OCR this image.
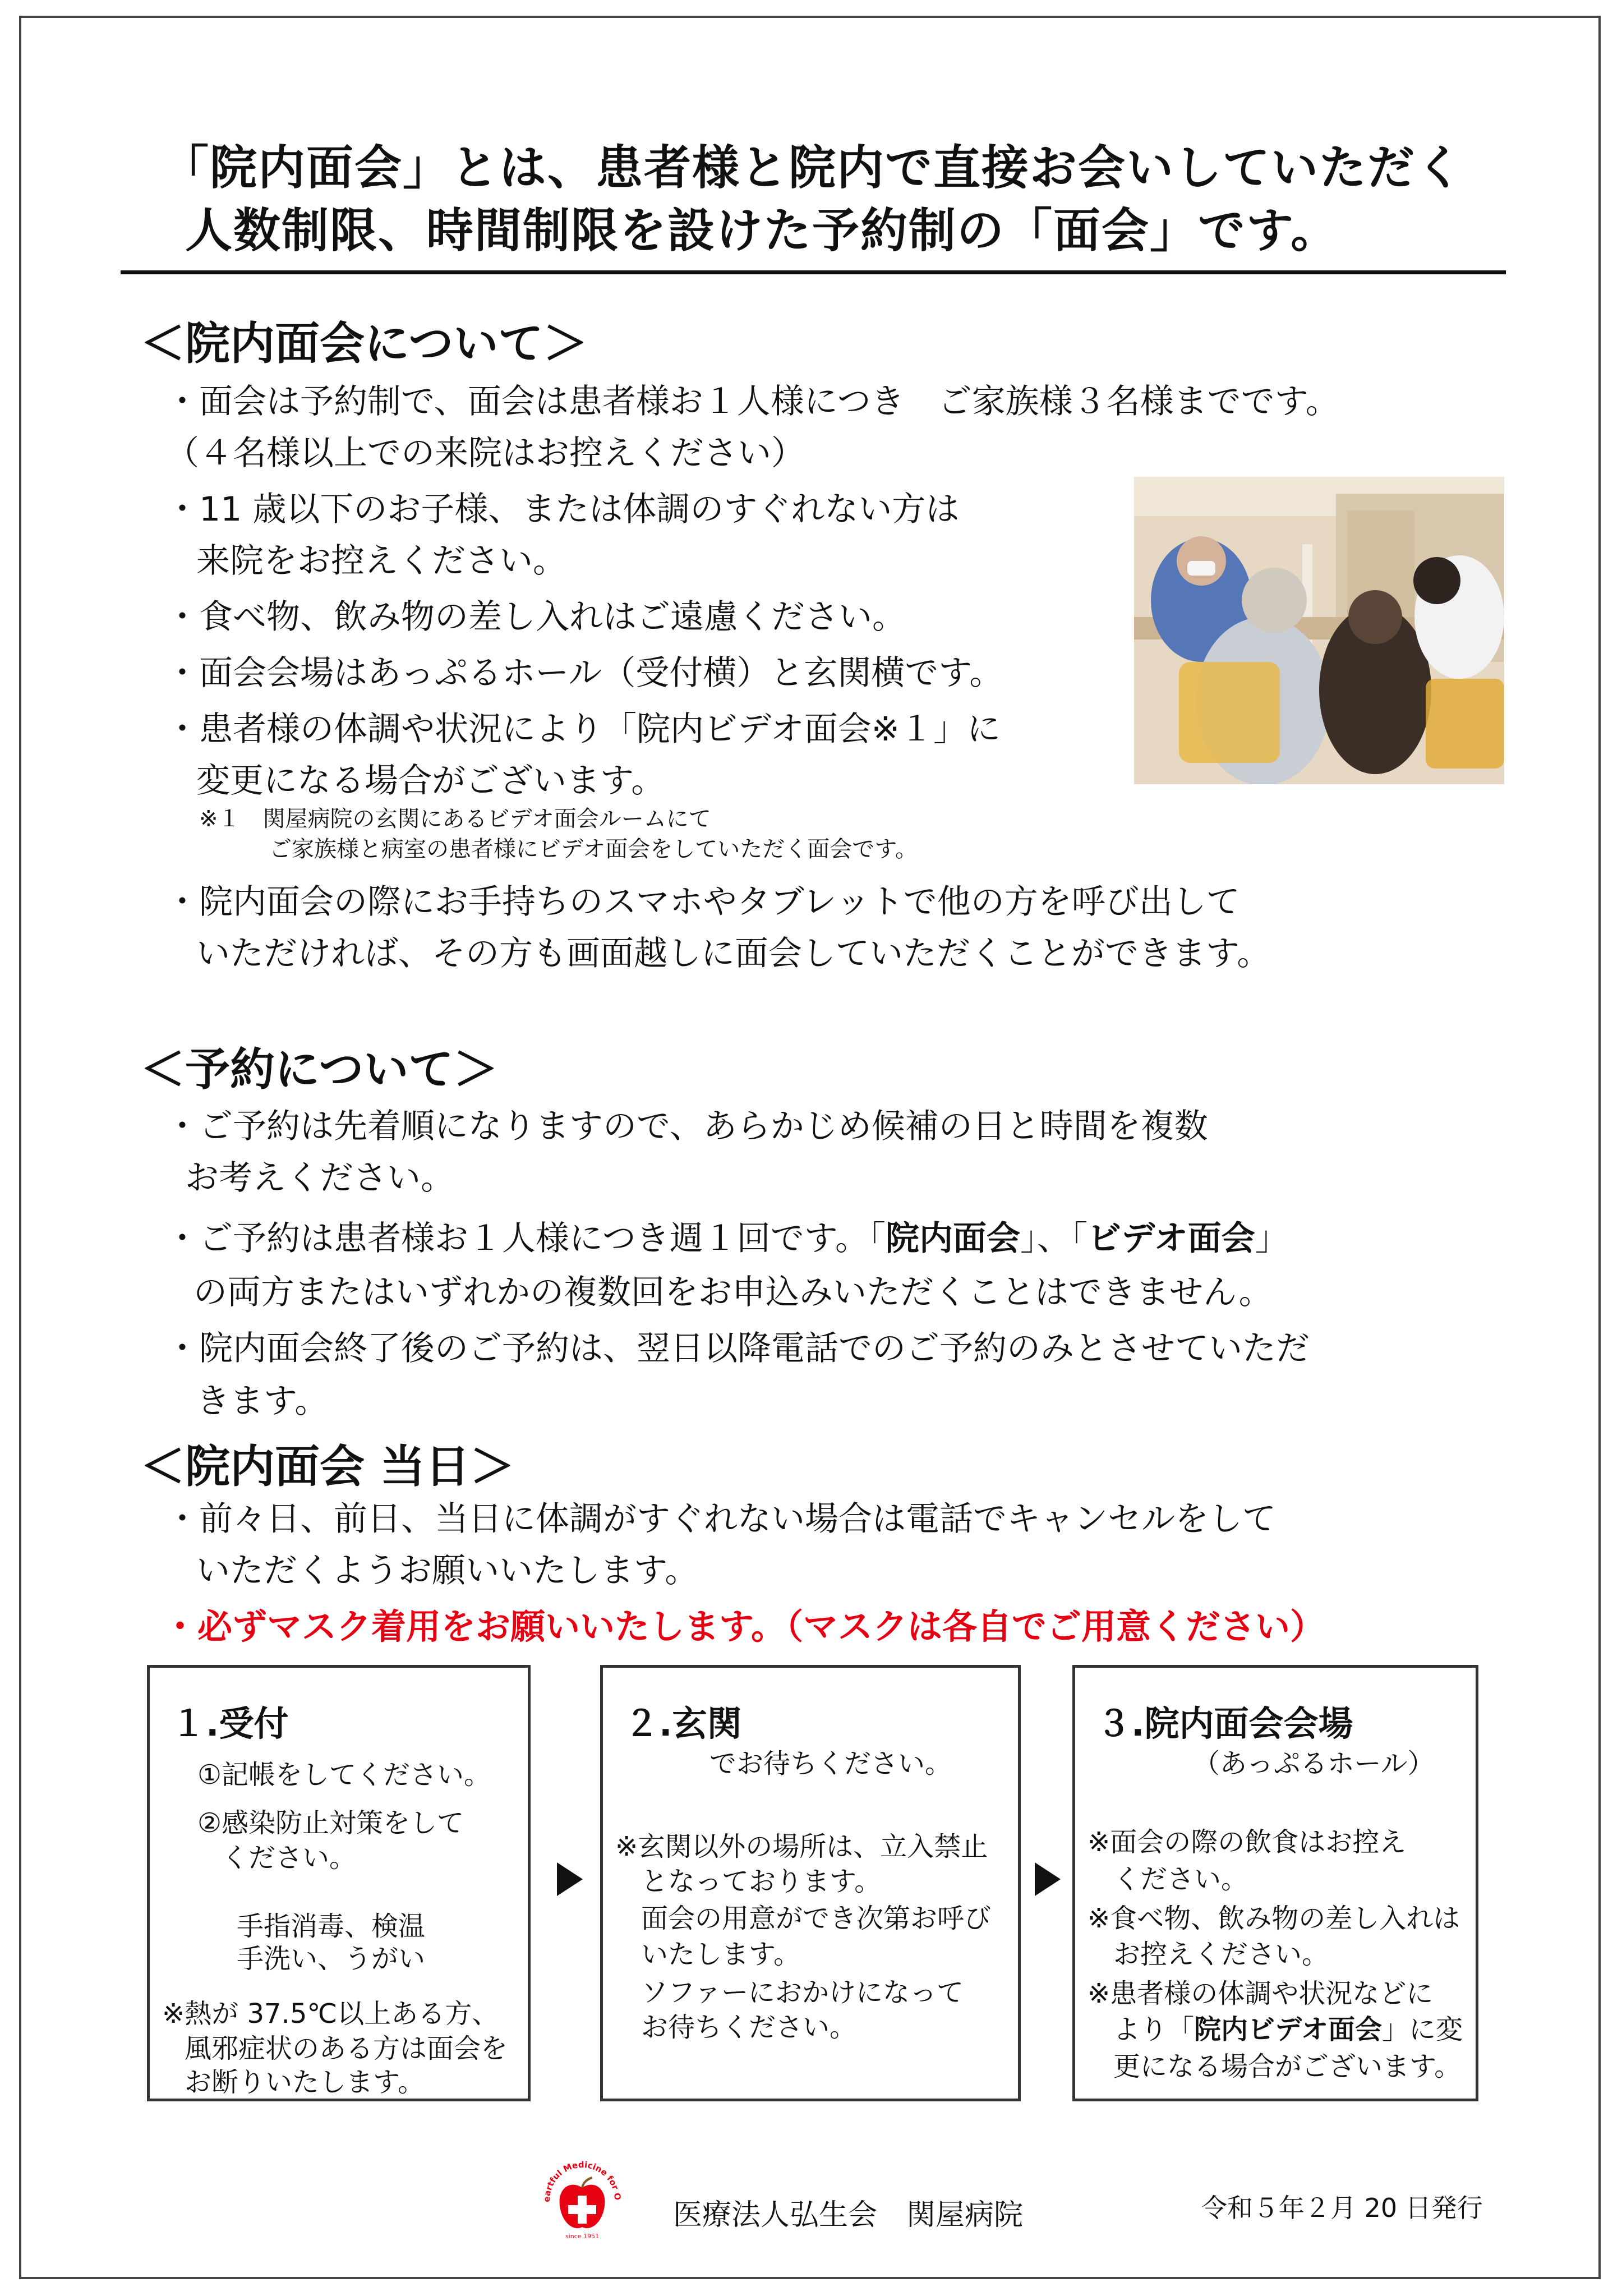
「院内面会」とは、患者様と院内で直接お会いしていただく
人数制限、時間制限を設けた予約制の「面会」です。
＜院内面会について＞
・面会は予約制で、面会は患者様お１人様につき　ご家族様３名様までです。
（４名様以上での来院はお控えください）
・11 歳以下のお子様、または体調のすぐれない方は
来院をお控えください。
・食べ物、飲み物の差し入れはご遠慮ください。
・面会会場はあっぷるホール（受付横）と玄関横です。
・患者様の体調や状況により「院内ビデオ面会※１」に
変更になる場合がございます。
※１　関屋病院の玄関にあるビデオ面会ルームにて
ご家族様と病室の患者様にビデオ面会をしていただく面会です。
・院内面会の際にお手持ちのスマホやタブレットで他の方を呼び出して
いただければ、その方も画面越しに面会していただくことができます。
＜予約について＞
・ご予約は先着順になりますので、あらかじめ候補の日と時間を複数
お考えください。
・ご予約は患者様お１人様につき週１回です。「院内面会」、「ビデオ面会」
の両方またはいずれかの複数回をお申込みいただくことはできません。
・院内面会終了後のご予約は、翌日以降電話でのご予約のみとさせていただ
きます。
＜院内面会 当日＞
・前々日、前日、当日に体調がすぐれない場合は電話でキャンセルをして
いただくようお願いいたします。
・必ずマスク着用をお願いいたします。（マスクは各自でご用意ください）
１.受付
①記帳をしてください。
②感染防止対策をして
ください。
手指消毒、検温
手洗い、うがい
※熱が 37.5℃以上ある方、
風邪症状のある方は面会を
お断りいたします。
２.玄関
でお待ちください。
※玄関以外の場所は、立入禁止
となっております。
面会の用意ができ次第お呼び
いたします。
ソファーにおかけになって
お待ちください。
３.院内面会会場
（あっぷるホール）
※面会の際の飲食はお控え
ください。
※食べ物、飲み物の差し入れは
お控えください。
※患者様の体調や状況などに
より「院内ビデオ面会」に変
更になる場合がございます。
eartful Medicine for O
since 1951
医療法人弘生会　関屋病院	令和５年２月 20 日発行
